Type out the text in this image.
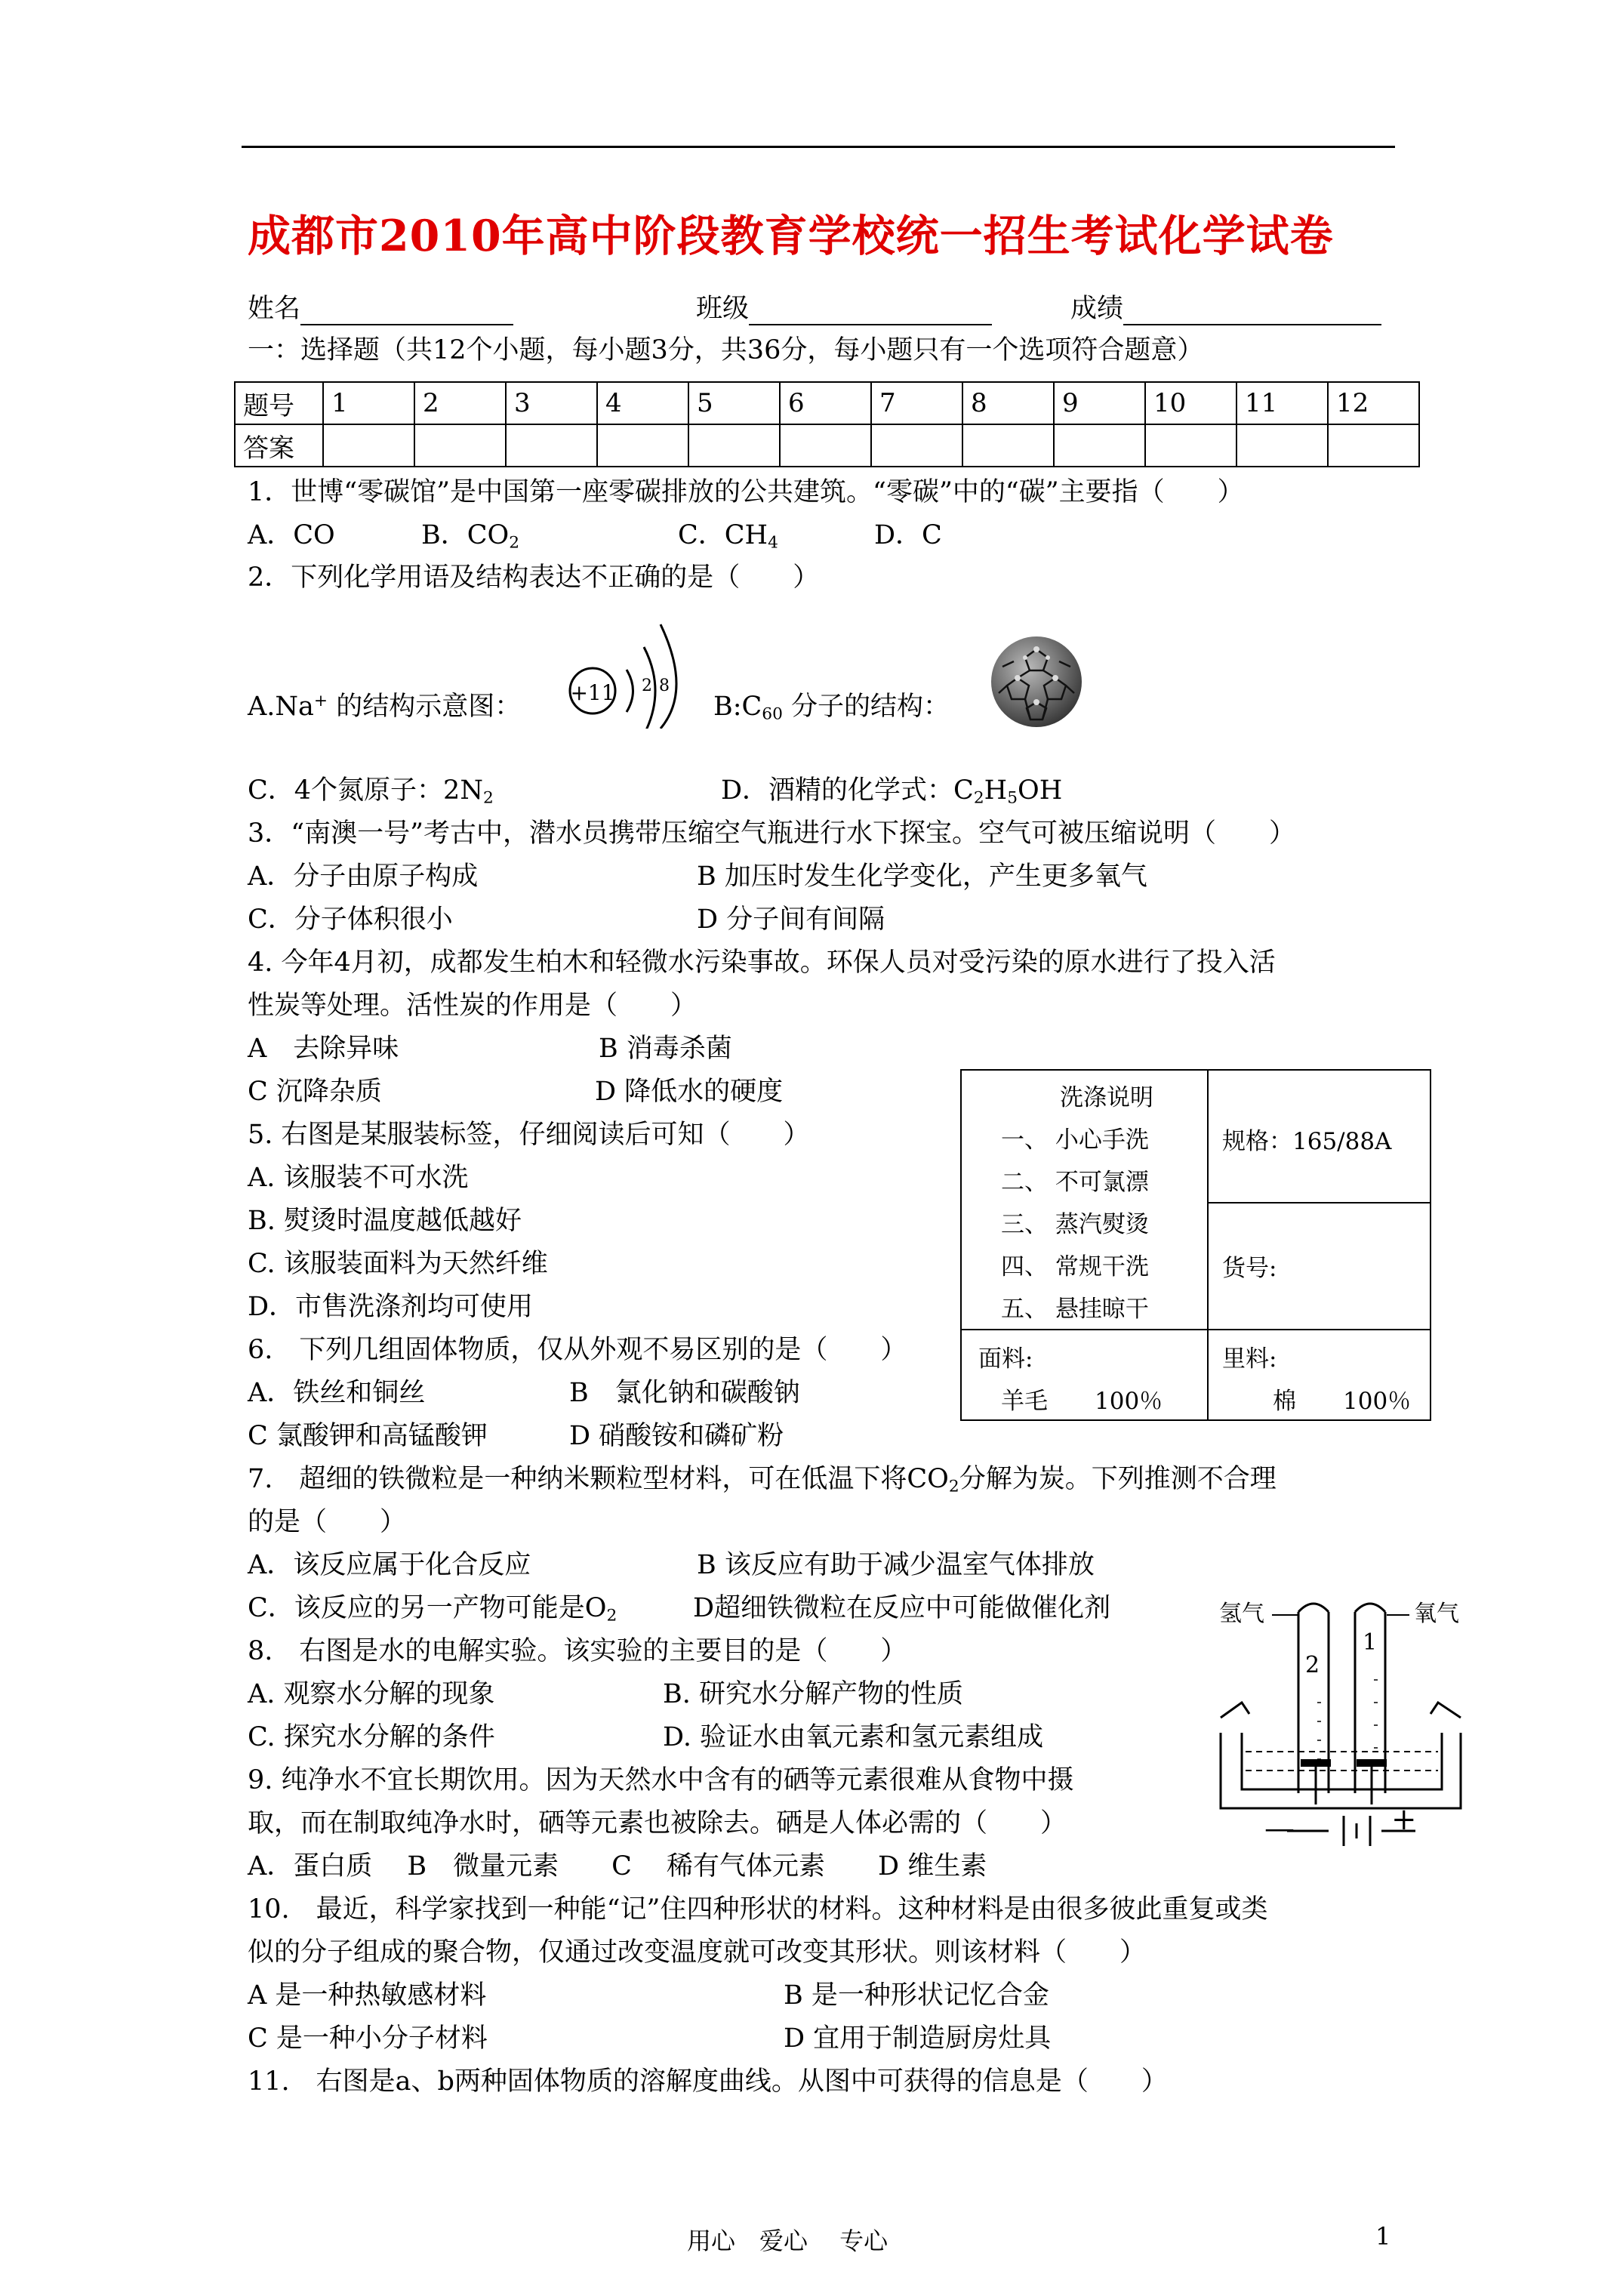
成都市2010年高中阶段教育学校统一招生考试化学试卷
姓名	班级	成绩
一：选择题（共12个小题，每小题3分，共36分，每小题只有一个选项符合题意）
题号	1	2	3	4	5	6	7	8	9	10	11	12
答案												
1．世博“零碳馆”是中国第一座零碳排放的公共建筑。“零碳”中的“碳”主要指（　　）
A．CO	B．$CO_2$	C．$CH_4$	D．C
2．下列化学用语及结构表达不正确的是（　　）
A.Na+ 的结构示意图： +11 2 8
$B:C_{60}$ 分子的结构：
C．4个氮原子：$2N_2$	D．酒精的化学式：$C_2H_5OH$
3．“南澳一号”考古中，潜水员携带压缩空气瓶进行水下探宝。空气可被压缩说明（　　）
A．分子由原子构成	B 加压时发生化学变化，产生更多氧气
C．分子体积很小	D 分子间有间隔
4. 今年4月初，成都发生柏木和轻微水污染事故。环保人员对受污染的原水进行了投入活
性炭等处理。活性炭的作用是（　　）
A　去除异味	B 消毒杀菌
C 沉降杂质	D 降低水的硬度
5. 右图是某服装标签，仔细阅读后可知（　　）
A. 该服装不可水洗
B. 熨烫时温度越低越好
C. 该服装面料为天然纤维
D．市售洗涤剂均可使用
洗涤说明
一、 小心手洗
二、 不可氯漂
三、 蒸汽熨烫
四、 常规干洗
五、 悬挂晾干
规格：165/88A
货号:
面料:
羊毛　　100％
里料:
棉　　100％
6.　下列几组固体物质，仅从外观不易区别的是（　　）
A．铁丝和铜丝	B　氯化钠和碳酸钠
C 氯酸钾和高锰酸钾	D 硝酸铵和磷矿粉
7.　超细的铁微粒是一种纳米颗粒型材料，可在低温下将$CO_2$分解为炭。下列推测不合理
的是（　　）
A．该反应属于化合反应	B 该反应有助于减少温室气体排放
C．该反应的另一产物可能是$O_2$	D超细铁微粒在反应中可能做催化剂
8.　右图是水的电解实验。该实验的主要目的是（　　）
A. 观察水分解的现象	B. 研究水分解产物的性质
C. 探究水分解的条件	D. 验证水由氧元素和氢元素组成
氢气	氧气
2
1
—	+
9. 纯净水不宜长期饮用。因为天然水中含有的硒等元素很难从食物中摄
取，而在制取纯净水时，硒等元素也被除去。硒是人体必需的（　　）
A．蛋白质　 B　微量元素　　C　 稀有气体元素　　D 维生素
10.　最近，科学家找到一种能“记”住四种形状的材料。这种材料是由很多彼此重复或类
似的分子组成的聚合物，仅通过改变温度就可改变其形状。则该材料（　　）
A 是一种热敏感材料	B 是一种形状记忆合金
C 是一种小分子材料	D 宜用于制造厨房灶具
11.　右图是a、b两种固体物质的溶解度曲线。从图中可获得的信息是（　　）
用心　爱心　 专心	1
